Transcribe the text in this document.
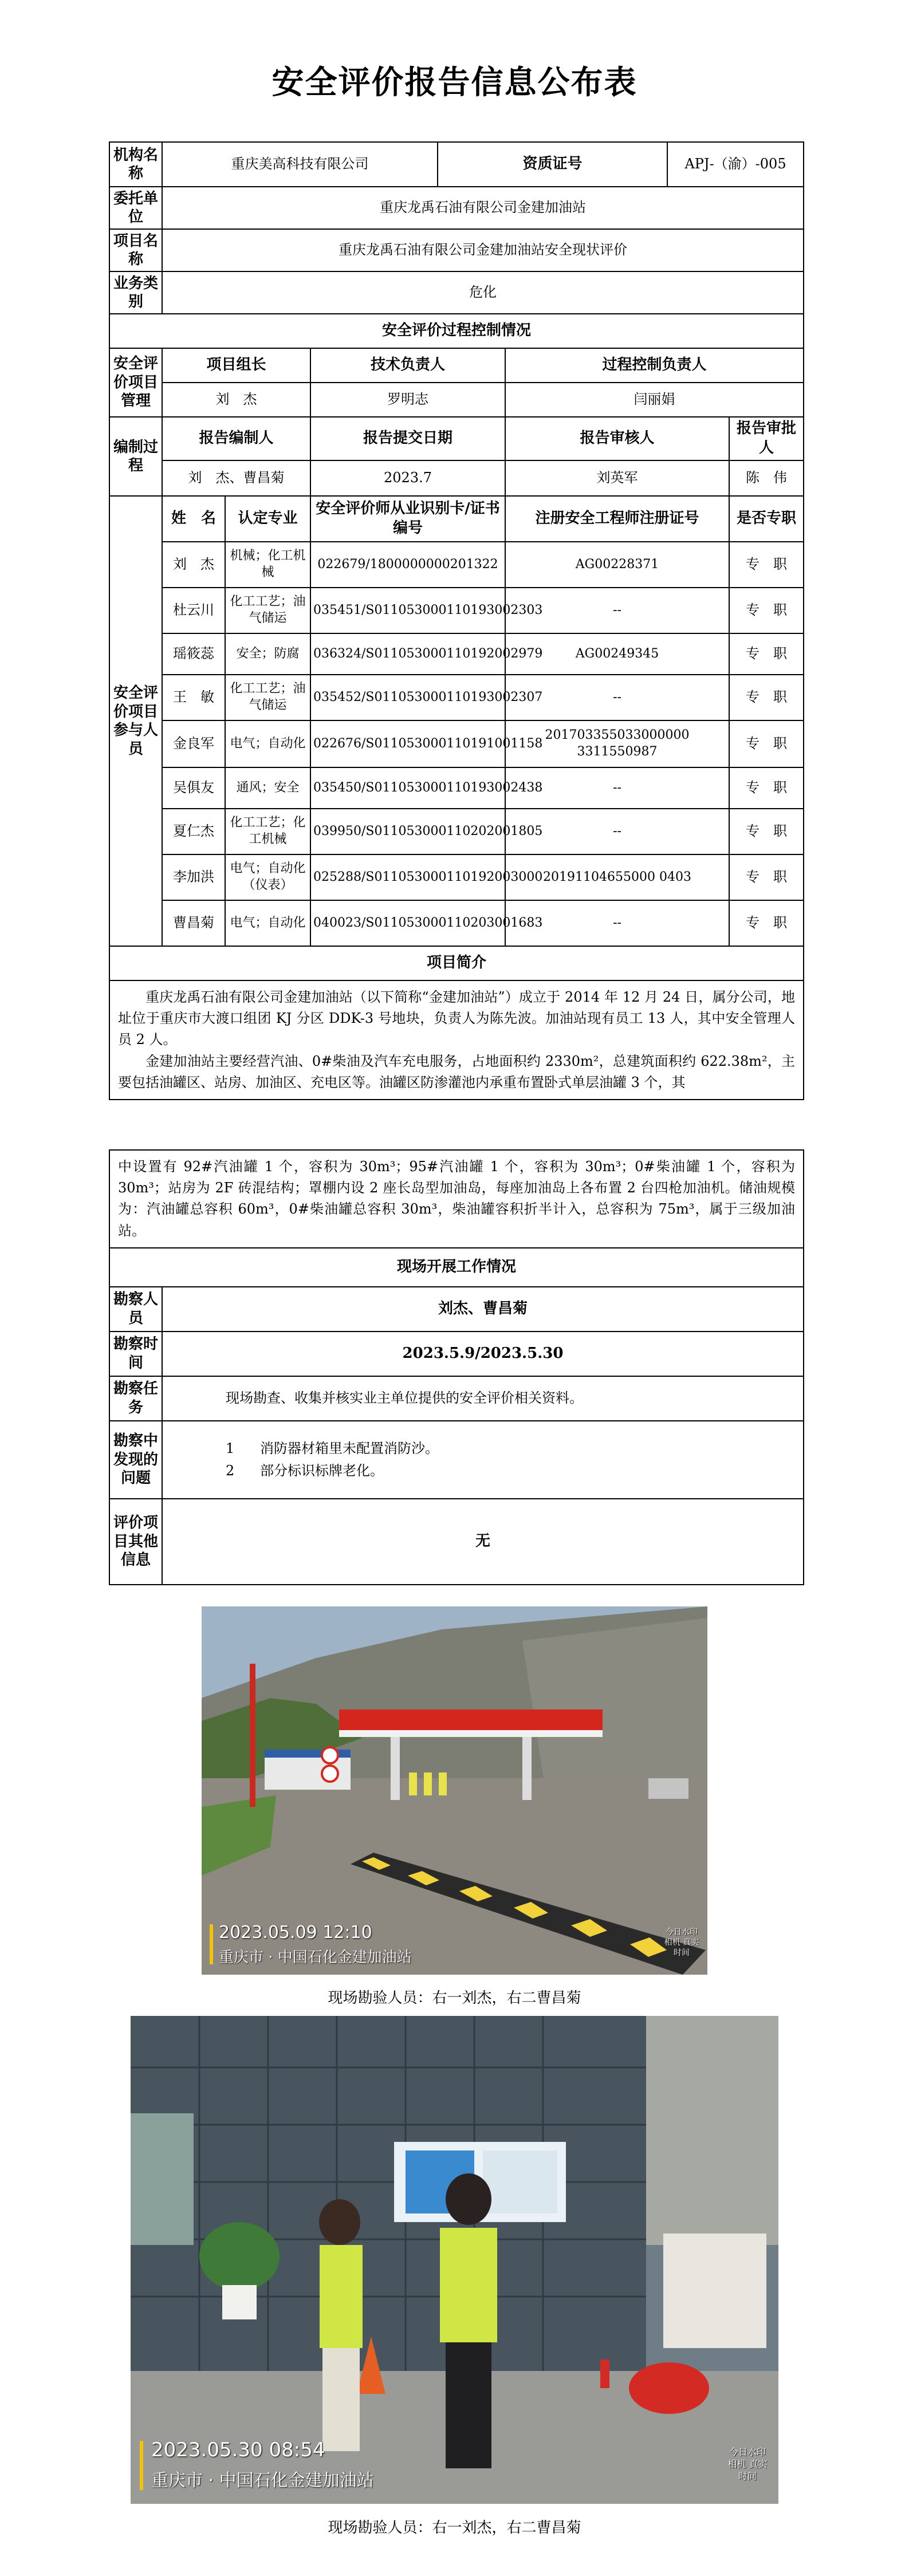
安全评价报告信息公布表
机构名称	重庆美高科技有限公司			资质证号		APJ-（渝）-005	
委托单位	重庆龙禹石油有限公司金建加油站						
项目名称	重庆龙禹石油有限公司金建加油站安全现状评价						
业务类别	危化						
安全评价过程控制情况							
安全评价项目管理	项目组长		技术负责人		过程控制负责人		
	刘　杰		罗明志		闫丽娟		
编制过程	报告编制人		报告提交日期		报告审核人		报告审批人
	刘　杰、曹昌菊		2023.7		刘英军		陈　伟
安全评价项目参与人员	姓　名	认定专业	安全评价师从业识别卡/证书编号		注册安全工程师注册证号		是否专职
	刘　杰	机械；化工机械	022679/1800000000201322		AG00228371		专　职
	杜云川	化工工艺；油气储运	035451/S011053000110193002303		--		专　职
	瑶筱蕊	安全；防腐	036324/S011053000110192002979		AG00249345		专　职
	王　敏	化工工艺；油气储运	035452/S011053000110193002307		--		专　职
	金良军	电气；自动化	022676/S011053000110191001158		201703355033000000 3311550987		专　职
	吴俱友	通风；安全	035450/S011053000110193002438		--		专　职
	夏仁杰	化工工艺；化工机械	039950/S011053000110202001805		--		专　职
	李加洪	电气；自动化（仪表）	025288/S011053000110192003000		20191104655000 0403		专　职
	曹昌菊	电气；自动化	040023/S011053000110203001683		--		专　职
项目简介							

重庆龙禹石油有限公司金建加油站（以下简称“金建加油站”）成立于 2014 年 12 月 24 日，属分公司，地址位于重庆市大渡口组团 KJ 分区 DDK-3 号地块，负责人为陈先波。加油站现有员工 13 人，其中安全管理人员 2 人。

金建加油站主要经营汽油、0#柴油及汽车充电服务，占地面积约 2330m²，总建筑面积约 622.38m²，主要包括油罐区、站房、加油区、充电区等。油罐区防渗灌池内承重布置卧式单层油罐 3 个，其							

中设置有 92#汽油罐 1 个，容积为 30m³；95#汽油罐 1 个，容积为 30m³；0#柴油罐 1 个，容积为 30m³；站房为 2F 砖混结构；罩棚内设 2 座长岛型加油岛，每座加油岛上各布置 2 台四枪加油机。储油规模为：汽油罐总容积 60m³，0#柴油罐总容积 30m³，柴油罐容积折半计入，总容积为 75m³，属于三级加油站。	

现场开展工作情况	
勘察人员	刘杰、曹昌菊
勘察时间	2023.5.9/2023.5.30
勘察任务	现场勘查、收集并核实业主单位提供的安全评价相关资料。
勘察中发现的问题	1 消防器材箱里未配置消防沙。
2 部分标识标牌老化。

评价项目其他信息	无
2023.05.09 12:10
重庆市 · 中国石化金建加油站
今日水印 相机 真实时间
现场勘验人员：右一刘杰，右二曹昌菊
2023.05.30 08:54
重庆市 · 中国石化金建加油站
今日水印 相机 真实时间
现场勘验人员：右一刘杰，右二曹昌菊
